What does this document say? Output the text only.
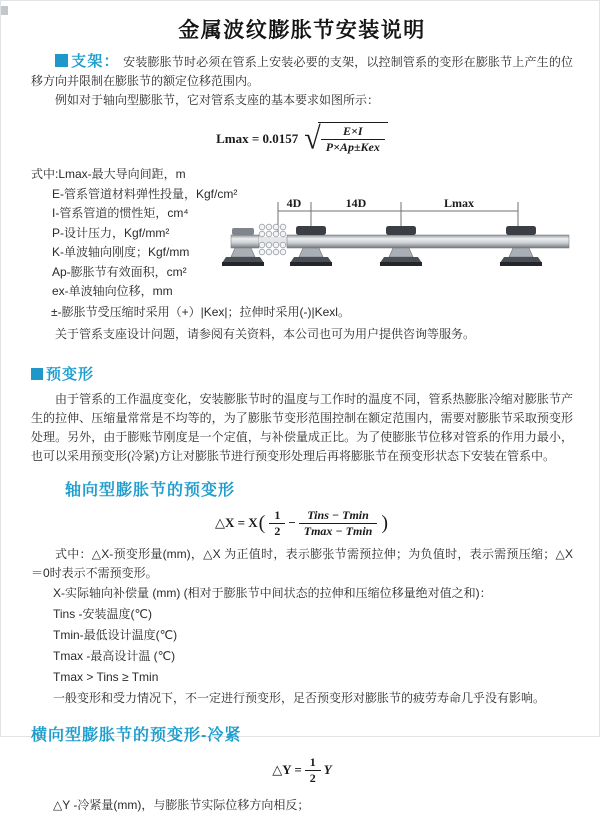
金属波纹膨胀节安装说明

支架： 安装膨胀节时必须在管系上安装必要的支架，以控制管系的变形在膨胀节上产生的位移方向并限制在膨胀节的额定位移范围内。

例如对于轴向型膨胀节，它对管系支座的基本要求如图所示：

Lmax = 0.0157 √ $\frac{E\times I}{\text{P×Ap±Kex}}$
式中:Lmax-最大导向间距，m
E-管系管道材料弹性投量，Kgf/cm²
I-管系管道的惯性矩，cm⁴
P-设计压力，Kgf/mm²
K-单波轴向刚度；Kgf/mm
Ap-膨胀节有效面积，cm²
ex-单波轴向位移，mm
±-膨胀节受压缩时采用（+）|Kex|；拉伸时采用(-)|Kexl。
关于管系支座设计问题，请参阅有关资料，本公司也可为用户提供咨询等服务。
4D	14D	Lmax
预变形

由于管系的工作温度变化，安装膨胀节时的温度与工作时的温度不同，管系热膨胀冷缩对膨胀节产生的拉伸、压缩量常常是不均等的，为了膨胀节变形范围控制在额定范围内，需要对膨胀节采取预变形处理。另外，由于膨账节刚度是一个定值，与补偿量成正比。为了使膨胀节位移对管系的作用力最小，也可以采用预变形(冷紧)方让对膨胀节进行预变形处理后再将膨胀节在预变形状态下安装在管系中。

轴向型膨胀节的预变形
△X = X ( $\frac{1}{2} - \frac{\text{Tins − Tmin}}{Tmax - Tmin}$ )

式中：△X-预变形量(mm)，△X 为正值时，表示膨张节需预拉伸；为负值时，表示需预压缩；△X＝0时表示不需预变形。

X-实际轴向补偿量 (mm) (相对于膨胀节中间状态的拉伸和压缩位移量绝对值之和)：
Tins -安装温度(℃)
Tmin-最低设计温度(℃)
Tmax -最高设计温 (℃)
Tmax > Tins ≥ Tmin
一般变形和受力情况下，不一定进行预变形，足否预变形对膨胀节的疲劳寿命几乎没有影响。
横向型膨胀节的预变形-冷紧
△Y = $\frac{1}{2}$ Y
△Y -冷紧量(mm)，与膨胀节实际位移方向相反；
